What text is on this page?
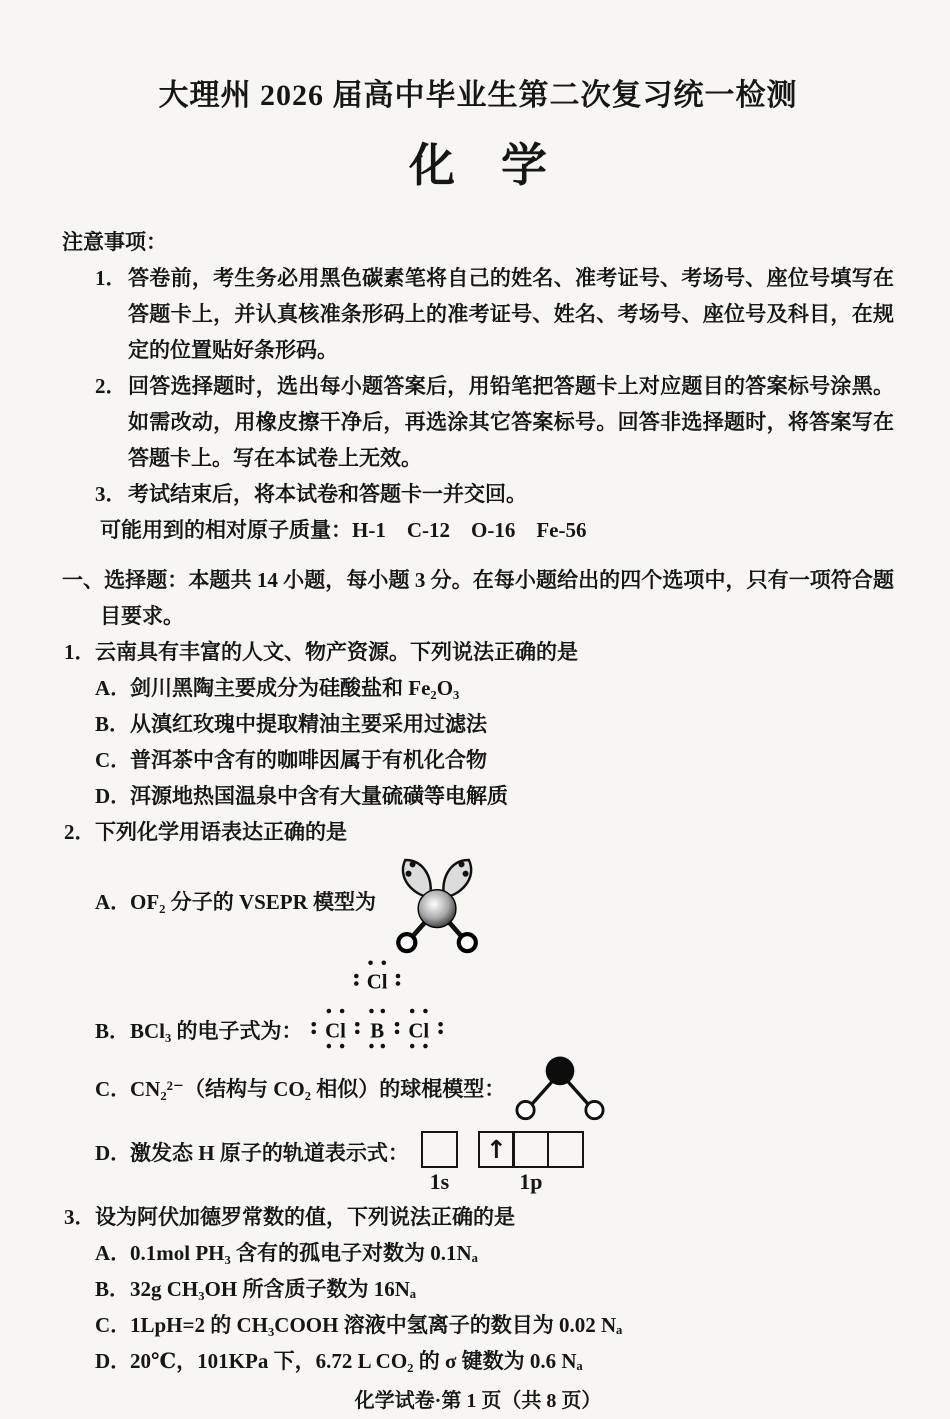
大理州 2026 届高中毕业生第二次复习统一检测
化　学
注意事项：
1． 答卷前，考生务必用黑色碳素笔将自己的姓名、准考证号、考场号、座位号填写在答题卡上，并认真核准条形码上的准考证号、姓名、考场号、座位号及科目，在规定的位置贴好条形码。
2． 回答选择题时，选出每小题答案后，用铅笔把答题卡上对应题目的答案标号涂黑。如需改动，用橡皮擦干净后，再选涂其它答案标号。回答非选择题时，将答案写在答题卡上。写在本试卷上无效。
3． 考试结束后，将本试卷和答题卡一并交回。
可能用到的相对原子质量：H-1　C-12　O-16　Fe-56
一、选择题：本题共 14 小题，每小题 3 分。在每小题给出的四个选项中，只有一项符合题目要求。
1． 云南具有丰富的人文、物产资源。下列说法正确的是
A．
剑川黑陶主要成分为硅酸盐和 Fe₂O₃
B． 从滇红玫瑰中提取精油主要采用过滤法
C．
普洱茶中含有的咖啡因属于有机化合物
D．
洱源地热国温泉中含有大量硫磺等电解质
2． 下列化学用语表达正确的是
A．
OF₂ 分子的 VSEPR 模型为
B． BCl₃ 的电子式为：
Cl
Cl B Cl
C．
CN₂²⁻（结构与 CO₂ 相似）的球棍模型：
D．
激发态 H 原子的轨道表示式：
1s
↑
1p
3． 设为阿伏加德罗常数的值，下列说法正确的是
A．
0.1mol PH₃ 含有的孤电子对数为 0.1Nₐ
B． 32g CH₃OH 所含质子数为 16Nₐ
C．
1LpH=2 的 CH₃COOH 溶液中氢离子的数目为 0.02 Nₐ
D．
20℃，101KPa 下，6.72 L CO₂ 的 σ 键数为 0.6 Nₐ
化学试卷·第 1 页（共 8 页）
